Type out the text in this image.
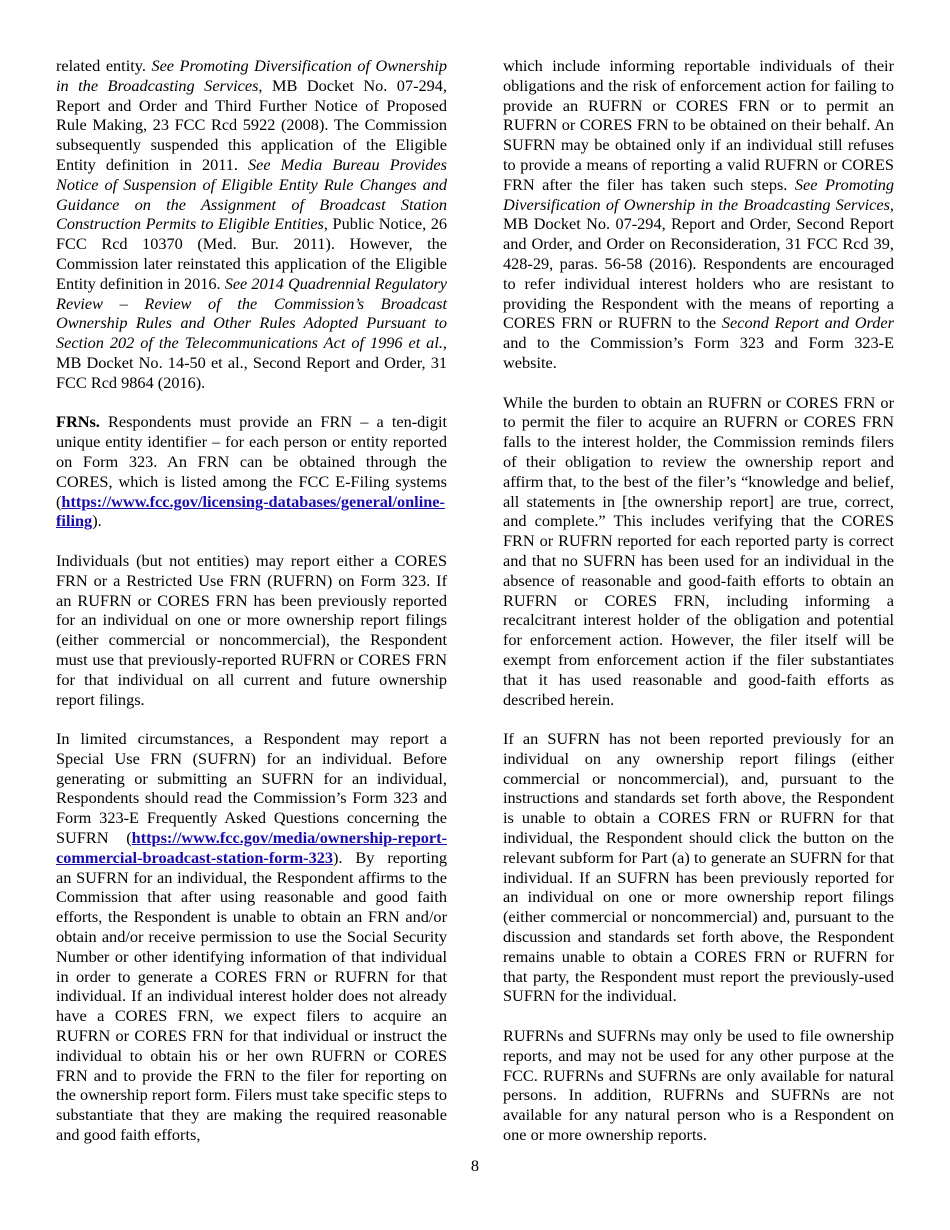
related entity. See Promoting Diversification of Ownership in the Broadcasting Services, MB Docket No. 07-294, Report and Order and Third Further Notice of Proposed Rule Making, 23 FCC Rcd 5922 (2008). The Commission subsequently suspended this application of the Eligible Entity definition in 2011. See Media Bureau Provides Notice of Suspension of Eligible Entity Rule Changes and Guidance on the Assignment of Broadcast Station Construction Permits to Eligible Entities, Public Notice, 26 FCC Rcd 10370 (Med. Bur. 2011). However, the Commission later reinstated this application of the Eligible Entity definition in 2016. See 2014 Quadrennial Regulatory Review – Review of the Commission’s Broadcast Ownership Rules and Other Rules Adopted Pursuant to Section 202 of the Telecommunications Act of 1996 et al., MB Docket No. 14-50 et al., Second Report and Order, 31 FCC Rcd 9864 (2016).

FRNs. Respondents must provide an FRN – a ten-digit unique entity identifier – for each person or entity reported on Form 323. An FRN can be obtained through the CORES, which is listed among the FCC E-Filing systems (https://www.fcc.gov/licensing-databases/general/online-filing).

Individuals (but not entities) may report either a CORES FRN or a Restricted Use FRN (RUFRN) on Form 323. If an RUFRN or CORES FRN has been previously reported for an individual on one or more ownership report filings (either commercial or noncommercial), the Respondent must use that previously-reported RUFRN or CORES FRN for that individual on all current and future ownership report filings.

In limited circumstances, a Respondent may report a Special Use FRN (SUFRN) for an individual. Before generating or submitting an SUFRN for an individual, Respondents should read the Commission’s Form 323 and Form 323-E Frequently Asked Questions concerning the SUFRN (https://www.fcc.gov/media/ownership-report-commercial-broadcast-station-form-323). By reporting an SUFRN for an individual, the Respondent affirms to the Commission that after using reasonable and good faith efforts, the Respondent is unable to obtain an FRN and/or obtain and/or receive permission to use the Social Security Number or other identifying information of that individual in order to generate a CORES FRN or RUFRN for that individual. If an individual interest holder does not already have a CORES FRN, we expect filers to acquire an RUFRN or CORES FRN for that individual or instruct the individual to obtain his or her own RUFRN or CORES FRN and to provide the FRN to the filer for reporting on the ownership report form. Filers must take specific steps to substantiate that they are making the required reasonable and good faith efforts,

which include informing reportable individuals of their obligations and the risk of enforcement action for failing to provide an RUFRN or CORES FRN or to permit an RUFRN or CORES FRN to be obtained on their behalf. An SUFRN may be obtained only if an individual still refuses to provide a means of reporting a valid RUFRN or CORES FRN after the filer has taken such steps. See Promoting Diversification of Ownership in the Broadcasting Services, MB Docket No. 07-294, Report and Order, Second Report and Order, and Order on Reconsideration, 31 FCC Rcd 39, 428-29, paras. 56-58 (2016). Respondents are encouraged to refer individual interest holders who are resistant to providing the Respondent with the means of reporting a CORES FRN or RUFRN to the Second Report and Order and to the Commission’s Form 323 and Form 323-E website.

While the burden to obtain an RUFRN or CORES FRN or to permit the filer to acquire an RUFRN or CORES FRN falls to the interest holder, the Commission reminds filers of their obligation to review the ownership report and affirm that, to the best of the filer’s “knowledge and belief, all statements in [the ownership report] are true, correct, and complete.” This includes verifying that the CORES FRN or RUFRN reported for each reported party is correct and that no SUFRN has been used for an individual in the absence of reasonable and good-faith efforts to obtain an RUFRN or CORES FRN, including informing a recalcitrant interest holder of the obligation and potential for enforcement action. However, the filer itself will be exempt from enforcement action if the filer substantiates that it has used reasonable and good-faith efforts as described herein.

If an SUFRN has not been reported previously for an individual on any ownership report filings (either commercial or noncommercial), and, pursuant to the instructions and standards set forth above, the Respondent is unable to obtain a CORES FRN or RUFRN for that individual, the Respondent should click the button on the relevant subform for Part (a) to generate an SUFRN for that individual. If an SUFRN has been previously reported for an individual on one or more ownership report filings (either commercial or noncommercial) and, pursuant to the discussion and standards set forth above, the Respondent remains unable to obtain a CORES FRN or RUFRN for that party, the Respondent must report the previously-used SUFRN for the individual.

RUFRNs and SUFRNs may only be used to file ownership reports, and may not be used for any other purpose at the FCC. RUFRNs and SUFRNs are only available for natural persons. In addition, RUFRNs and SUFRNs are not available for any natural person who is a Respondent on one or more ownership reports.

8
